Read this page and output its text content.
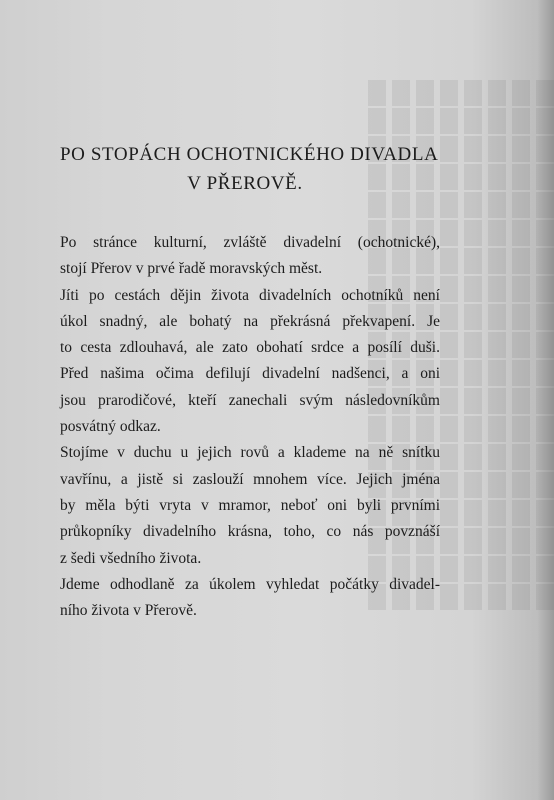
PO STOPÁCH OCHOTNICKÉHO DIVADLA
V PŘEROVĚ.
Po stránce kulturní, zvláště divadelní (ochotnické),
stojí Přerov v prvé řadě moravských měst.
Jíti po cestách dějin života divadelních ochotníků není
úkol snadný, ale bohatý na překrásná překvapení. Je
to cesta zdlouhavá, ale zato obohatí srdce a posílí duši.
Před našima očima defilují divadelní nadšenci, a oni
jsou prarodičové, kteří zanechali svým následovníkům
posvátný odkaz.
Stojíme v duchu u jejich rovů a klademe na ně snítku
vavřínu, a jistě si zaslouží mnohem více. Jejich jména
by měla býti vryta v mramor, neboť oni byli prvními
průkopníky divadelního krásna, toho, co nás povznáší
z šedi všedního života.
Jdeme odhodlaně za úkolem vyhledat počátky divadel-
ního života v Přerově.
